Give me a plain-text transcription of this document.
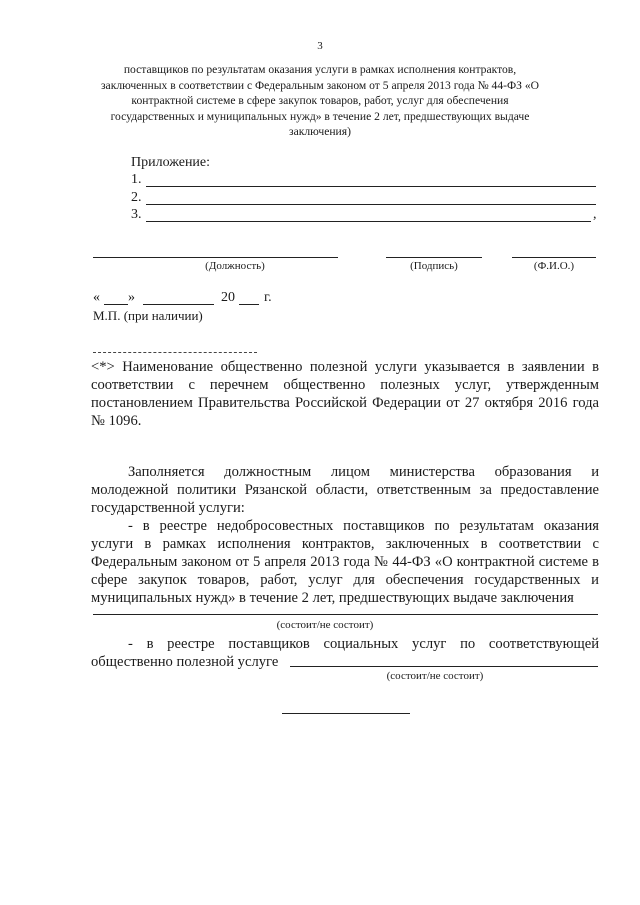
3
поставщиков по результатам оказания услуги в рамках исполнения контрактов, заключенных в соответствии с Федеральным законом от 5 апреля 2013 года № 44-ФЗ «О контрактной системе в сфере закупок товаров, работ, услуг для обеспечения государственных и муниципальных нужд» в течение 2 лет, предшествующих выдаче заключения)
Приложение:
1.
2.
3.	,
(Должность)	(Подпись)	(Ф.И.О.)
« »	20 г.
М.П. (при наличии)
<*> Наименование общественно полезной услуги указывается в заявлении в соответствии с перечнем общественно полезных услуг, утвержденным постановлением Правительства Российской Федерации от 27 октября 2016 года № 1096.
Заполняется должностным лицом министерства образования и молодежной политики Рязанской области, ответственным за предоставление государственной услуги:
- в реестре недобросовестных поставщиков по результатам оказания услуги в рамках исполнения контрактов, заключенных в соответствии с Федеральным законом от 5 апреля 2013 года № 44-ФЗ «О контрактной системе в сфере закупок товаров, работ, услуг для обеспечения государственных и муниципальных нужд» в течение 2 лет, предшествующих выдаче заключения
(состоит/не состоит)
- в реестре поставщиков социальных услуг по соответствующей общественно полезной услуге
(состоит/не состоит)
